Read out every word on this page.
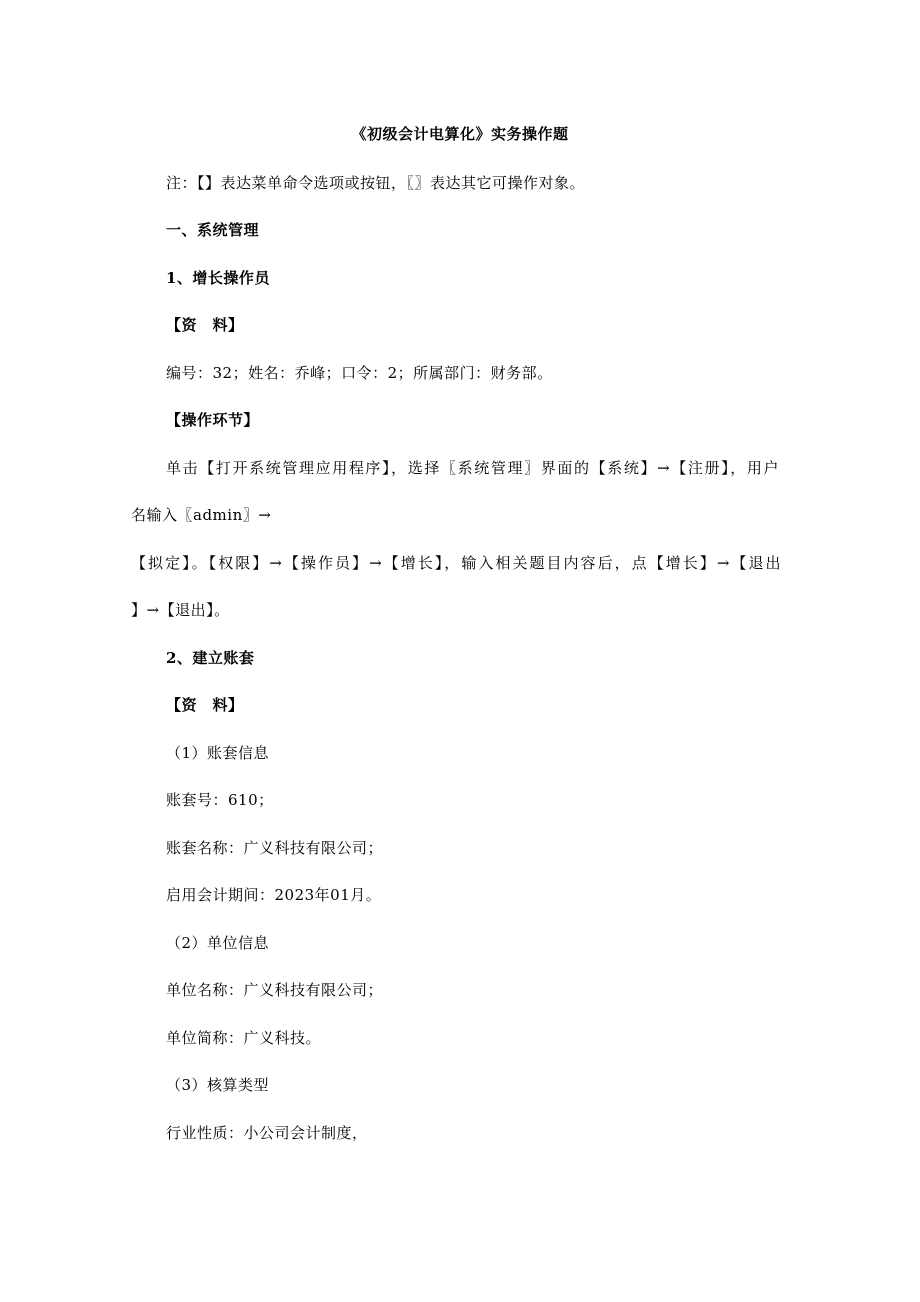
《初级会计电算化》实务操作题
注：【】表达菜单命令选项或按钮，〖〗表达其它可操作对象。
一、系统管理
1、增长操作员
【资　料】
编号：32；姓名：乔峰；口令：2；所属部门：财务部。
【操作环节】
单击【打开系统管理应用程序】，选择〖系统管理〗界面的【系统】→【注册】，用户
名输入〖admin〗→
【拟定】。【权限】→【操作员】→【增长】，输入相关题目内容后，点【增长】→【退出
】→【退出】。
2、建立账套
【资　料】
（1）账套信息
账套号：610；
账套名称：广义科技有限公司；
启用会计期间：2023年01月。
（2）单位信息
单位名称：广义科技有限公司；
单位简称：广义科技。
（3）核算类型
行业性质：小公司会计制度，
